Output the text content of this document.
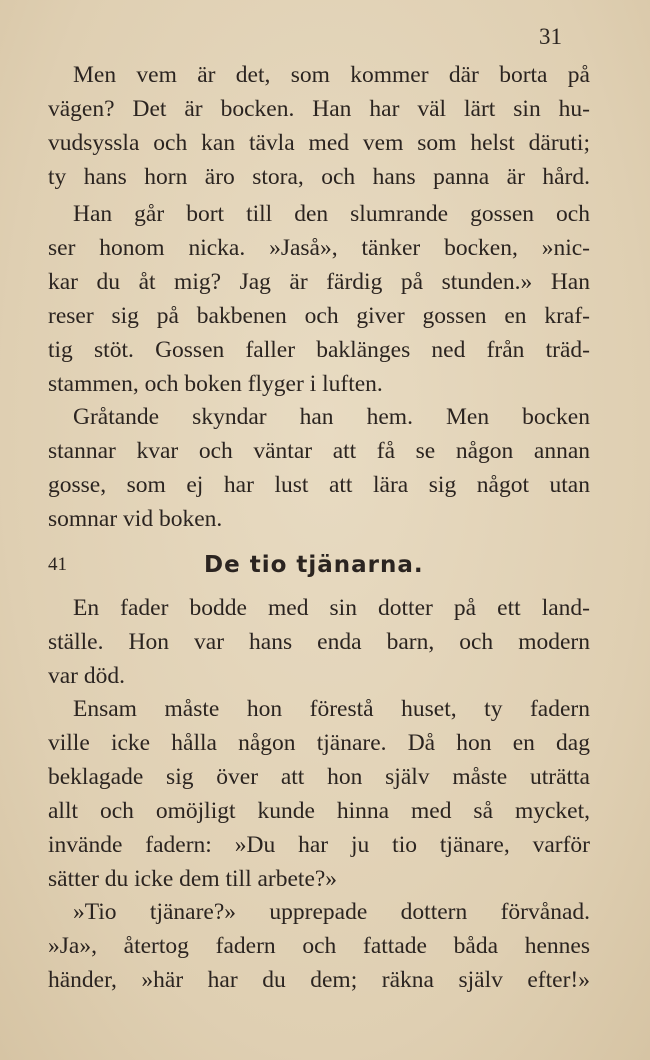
31
Men vem är det, som kommer där borta på
vägen? Det är bocken. Han har väl lärt sin hu-
vudsyssla och kan tävla med vem som helst däruti;
ty hans horn äro stora, och hans panna är hård.
Han går bort till den slumrande gossen och
ser honom nicka. »Jaså», tänker bocken, »nic-
kar du åt mig? Jag är färdig på stunden.» Han
reser sig på bakbenen och giver gossen en kraf-
tig stöt. Gossen faller baklänges ned från träd-
stammen, och boken flyger i luften.
Gråtande skyndar han hem. Men bocken
stannar kvar och väntar att få se någon annan
gosse, som ej har lust att lära sig något utan
somnar vid boken.
41	De tio tjänarna.
En fader bodde med sin dotter på ett land-
ställe. Hon var hans enda barn, och modern
var död.
Ensam måste hon förestå huset, ty fadern
ville icke hålla någon tjänare. Då hon en dag
beklagade sig över att hon själv måste uträtta
allt och omöjligt kunde hinna med så mycket,
invände fadern: »Du har ju tio tjänare, varför
sätter du icke dem till arbete?»
»Tio tjänare?» upprepade dottern förvånad.
»Ja», återtog fadern och fattade båda hennes
händer, »här har du dem; räkna själv efter!»
